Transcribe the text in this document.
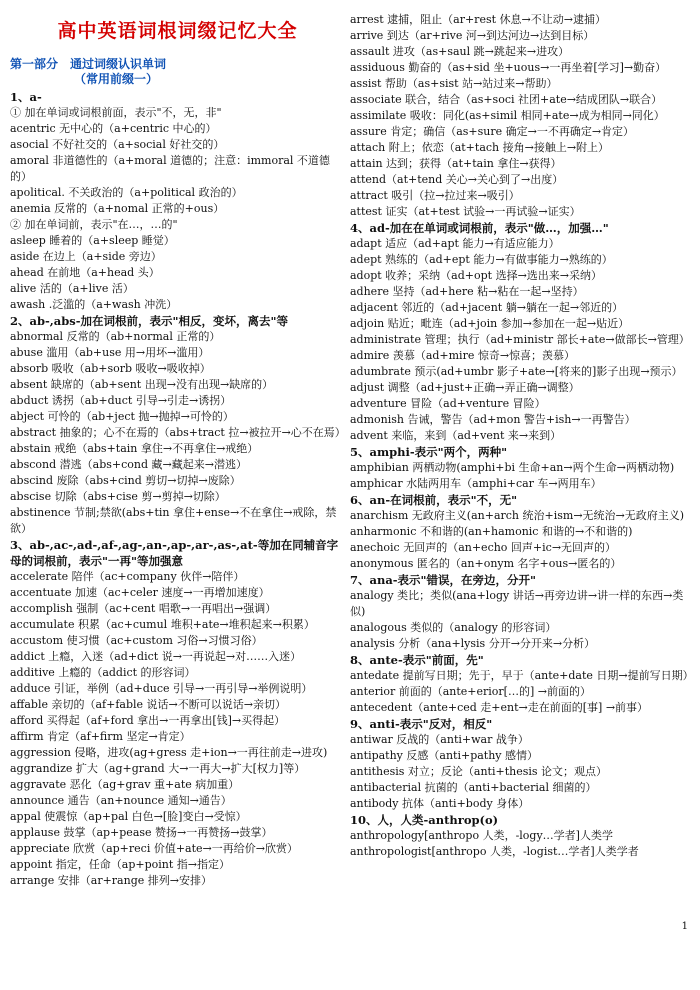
高中英语词根词缀记忆大全
第一部分　通过词缀认识单词
（常用前缀一）
1、a-
① 加在单词或词根前面，表示"不，无，非"
acentric 无中心的（a+centric 中心的）
asocial 不好社交的（a+social 好社交的）
amoral 非道德性的（a+moral 道德的；注意：immoral 不道德的）
apolitical. 不关政治的（a+political 政治的）
anemia 反常的（a+nomal 正常的+ous）
② 加在单词前，表示"在…，…的"
asleep 睡着的（a+sleep 睡觉）
aside 在边上（a+side 旁边）
ahead 在前地（a+head 头）
alive 活的（a+live 活）
awash .泛滥的（a+wash 冲洗）
2、ab-,abs-加在词根前，表示"相反，变坏，离去"等
abnormal 反常的（ab+normal 正常的）
abuse 滥用（ab+use 用→用坏→滥用）
absorb 吸收（ab+sorb 吸收→吸收掉）
absent 缺席的（ab+sent 出现→没有出现→缺席的）
abduct 诱拐（ab+duct 引导→引走→诱拐）
abject 可怜的（ab+ject 抛→抛掉→可怜的）
abstract 抽象的；心不在焉的（abs+tract 拉→被拉开→心不在焉）
abstain 戒绝（abs+tain 拿住→不再拿住→戒绝）
abscond 潜逃（abs+cond 藏→藏起来→潜逃）
abscind 废除（abs+cind 剪切→切掉→废除）
abscise 切除（abs+cise 剪→剪掉→切除）
abstinence 节制;禁欲(abs+tin 拿住+ense→不在拿住→戒除，禁欲）
3、ab-,ac-,ad-,af-,ag-,an-,ap-,ar-,as-,at-等加在同辅音字母的词根前，表示"一再"等加强意
accelerate 陪伴（ac+company 伙伴→陪伴）
accentuate 加速（ac+celer 速度→一再增加速度）
accomplish 强制（ac+cent 唱歌→一再唱出→强调）
accumulate 积累（ac+cumul 堆积+ate→堆积起来→积累）
accustom 使习惯（ac+custom 习俗→习惯习俗）
addict 上瘾，入迷（ad+dict 说→一再说起→对……入迷）
additive 上瘾的（addict 的形容词）
adduce 引证，举例（ad+duce 引导→一再引导→举例说明）
affable 亲切的（af+fable 说话→不断可以说话→亲切）
afford 买得起（af+ford 拿出→一再拿出[钱]→买得起）
affirm 肯定（af+firm 坚定→肯定）
aggression 侵略，进攻(ag+gress 走+ion→一再往前走→进攻)
aggrandize 扩大（ag+grand 大→一再大→扩大[权力]等）
aggravate 恶化（ag+grav 重+ate 病加重）
announce 通告（an+nounce 通知→通告）
appal 使震惊（ap+pal 白色→[脸]变白→受惊）
applause 鼓掌（ap+pease 赞扬→一再赞扬→鼓掌）
appreciate 欣赏（ap+reci 价值+ate→一再给价→欣赏）
appoint 指定，任命（ap+point 指→指定）
arrange 安排（ar+range 排列→安排）
arrest 逮捕，阻止（ar+rest 休息→不让动→逮捕）
arrive 到达（ar+rive 河→到达河边→达到目标）
assault 进攻（as+saul 跳→跳起来→进攻）
assiduous 勤奋的（as+sid 坐+uous→一再坐着[学习]→勤奋）
assist 帮助（as+sist 站→站过来→帮助）
associate 联合，结合（as+soci 社团+ate→结成团队→联合）
assimilate 吸收：同化(as+simil 相同+ate→成为相同→同化）
assure 肯定；确信（as+sure 确定→一不再确定→肯定）
attach 附上；依恋（at+tach 接角→接触上→附上）
attain 达到；获得（at+tain 拿住→获得）
attend（at+tend 关心→关心到了→出度）
attract 吸引（拉→拉过来→吸引）
attest 证实（at+test 试验→一再试验→证实）
4、ad-加在在单词或词根前，表示"做…，加强…"
adapt 适应（ad+apt 能力→有适应能力）
adept 熟练的（ad+ept 能力→有做事能力→熟练的）
adopt 收养；采纳（ad+opt 选择→选出来→采纳）
adhere 坚持（ad+here 粘→粘在一起→坚持）
adjacent 邻近的（ad+jacent 躺→躺在一起→邻近的）
adjoin 贴近；毗连（ad+join 参加→参加在一起→贴近）
administrate 管理；执行（ad+ministr 部长+ate→做部长→管理）
admire 羡慕（ad+mire 惊奇→惊喜；羡慕）
adumbrate 预示(ad+umbr 影子+ate→[将来的]影子出现→预示）
adjust 调整（ad+just+正确→弄正确→调整）
adventure 冒险（ad+venture 冒险）
admonish 告诫，警告（ad+mon 警告+ish→一再警告）
advent 来临，来到（ad+vent 来→来到）
5、amphi-表示"两个，两种"
amphibian 两栖动物(amphi+bi 生命+an→两个生命→两栖动物)
amphicar 水陆两用车（amphi+car 车→两用车）
6、an-在词根前，表示"不，无"
anarchism 无政府主义(an+arch 统治+ism→无统治→无政府主义)
anharmonic 不和谐的(an+hamonic 和谐的→不和谐的)
anechoic 无回声的（an+echo 回声+ic→无回声的）
anonymous 匿名的（an+onym 名字+ous→匿名的）
7、ana-表示"错误，在旁边，分开"
analogy 类比；类似(ana+logy 讲话→再旁边讲→讲一样的东西→类似)
analogous 类似的（analogy 的形容词）
analysis 分析（ana+lysis 分开→分开来→分析）
8、ante-表示"前面，先"
antedate 提前写日期；先于，早于（ante+date 日期→提前写日期）
anterior 前面的（ante+erior[…的] →前面的）
antecedent（ante+ced 走+ent→走在前面的[事] →前事）
9、anti-表示"反对，相反"
antiwar 反战的（anti+war 战争）
antipathy 反感（anti+pathy 感情）
antithesis 对立；反论（anti+thesis 论文；观点）
antibacterial 抗菌的（anti+bacterial 细菌的）
antibody 抗体（anti+body 身体）
10、人，人类-anthrop(o)
anthropology[anthropo 人类，-logy…学者]人类学
anthropologist[anthropo 人类，-logist…学者]人类学者
1
